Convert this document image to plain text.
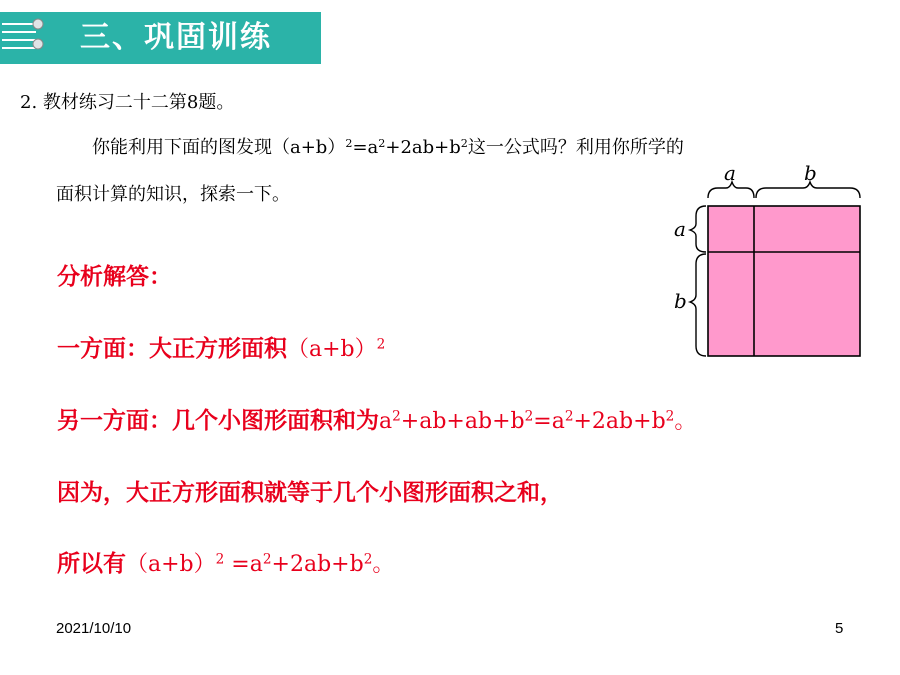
三、巩固训练
2. 教材练习二十二第8题。
你能利用下面的图发现$(a+b)^2=a^2+2ab+b^2$这一公式吗？利用你所学的
面积计算的知识，探索一下。
a	b
a
b
分析解答：
一方面：大正方形面积$(a+b)^2$
另一方面：几个小图形面积和为$a^2+ab+ab+b^2=a^2+2ab+b^2$。
因为，大正方形面积就等于几个小图形面积之和，
所以有$(a+b)^2 =a^2+2ab+b^2$。
2021/10/10	5
